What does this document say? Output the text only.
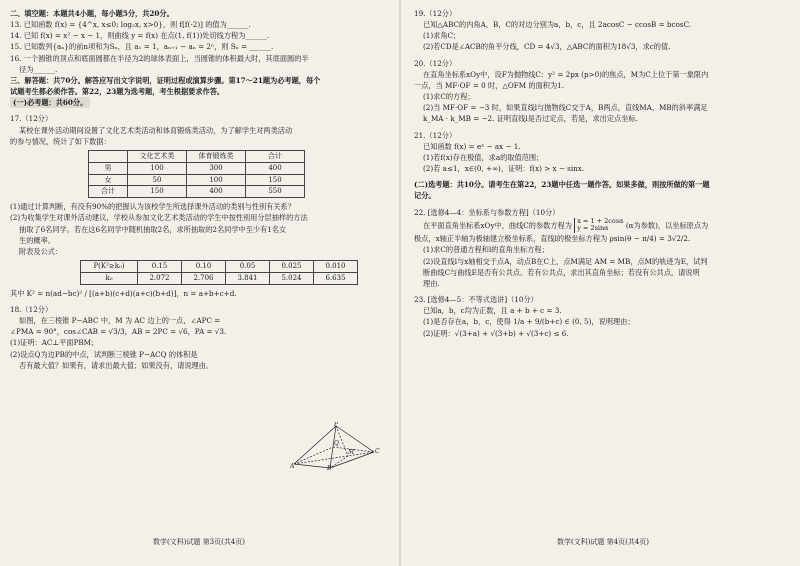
二、填空题：本题共4小题，每小题5分，共20分。

13. 已知函数 f(x) = {4^x, x≤0; log₂x, x>0}，则 f[f(-2)] 的值为______.

14. 已知 f(x) = x² − x − 1，则曲线 y = f(x) 在点(1, f(1))处切线方程为______.

15. 已知数列{aₙ}的前n项和为Sₙ，且 a₁ = 1，aₙ₊₁ − aₙ = 2ⁿ，则 Sₙ = ______.

16. 一个圆锥的顶点和底面圆都在半径为2的球体表面上，当圆锥的体积最大时，其底面圆的半

径为______.

三、解答题：共70分。解答应写出文字说明，证明过程或演算步骤。第17～21题为必考题，每个

试题考生都必须作答。第22，23题为选考题，考生根据要求作答。

(一)必考题：共60分。

17.（12分）

某校在课外活动期间设置了文化艺术类活动和体育锻炼类活动，为了解学生对两类活动

的参与情况，统计了如下数据：

	文化艺术类	体育锻炼类	合计
男	100	300	400
女	50	100	150
合计	150	400	550

(1)通过计算判断，有没有90%的把握认为该校学生所选择课外活动的类别与性别有关系？

(2)为收集学生对课外活动建议，学校从参加文化艺术类活动的学生中按性别用分层抽样的方法

抽取了6名同学。若在这6名同学中随机抽取2名，求所抽取的2名同学中至少有1名女

生的概率。

附表及公式：

P(K²≥k₀)	0.15	0.10	0.05	0.025	0.010
k₀	2.072	2.706	3.841	5.024	6.635

其中 K² = n(ad−bc)² / [(a+b)(c+d)(a+c)(b+d)]，n = a+b+c+d.

18.（12分）

如图，在三棱锥 P−ABC 中，M 为 AC 边上的一点，∠APC =

∠PMA = 90°，cos∠CAB = √3/3，AB = 2PC = √6，PA = √3.

(1)证明：AC⊥平面PBM；

(2)设点Q为边PB的中点，试判断三棱锥 P−ACQ 的体积是

否有最大值？如果有，请求出最大值；如果没有，请说理由。

P
A	B
C
M
Q
数学(文科)试题 第3页(共4页)

19.（12分）

已知△ABC的内角A，B，C的对边分别为a，b，c，且 2acosC − ccosB = bcosC.

(1)求角C；

(2)若CD是∠ACB的角平分线，CD = 4√3，△ABC的面积为18√3，求c的值.

20.（12分）

在直角坐标系xOy中，设F为抛物线C：y² = 2px (p>0)的焦点，M为C上位于第一象限内

一点，当 MF·OF = 0 时，△OFM 的面积为1.

(1)求C的方程；

(2)当 MF·OF = −3 时，如果直线l与抛物线C交于A，B两点，直线MA，MB的斜率满足

k_MA · k_MB = −2. 证明直线l是否过定点，若是，求出定点坐标.

21.（12分）

已知函数 f(x) = eˣ − ax − 1.

(1)若f(x)存在极值，求a的取值范围；

(2)若 a≤1，x∈(0, +∞)，证明：f(x) > x − sinx.

(二)选考题：共10分。请考生在第22，23题中任选一题作答。如果多做，则按所做的第一题

记分。

22. [选修4—4：坐标系与参数方程]（10分）

在平面直角坐标系xOy中，曲线C的参数方程为 x = 1 + 2cosα
y = 2sinα	(α为参数)，以坐标原点为

极点，x轴正半轴为极轴建立极坐标系，直线l的极坐标方程为 ρsin(θ − π/4) = 3√2/2.

(1)求C的普通方程和l的直角坐标方程；

(2)设直线l与x轴相交于点A，动点B在C上，点M满足 AM = MB，点M的轨迹为E，试判

断曲线C与曲线E是否有公共点。若有公共点，求出其直角坐标；若没有公共点，请说明

理由.

23. [选修4—5：不等式选讲]（10分）

已知a，b，c均为正数，且 a + b + c = 3.

(1)是否存在a，b，c，使得 1/a + 9/(b+c) ∈ (0, 5)，说明理由；

(2)证明：√(3+a) + √(3+b) + √(3+c) ≤ 6.

数学(文科)试题 第4页(共4页)
